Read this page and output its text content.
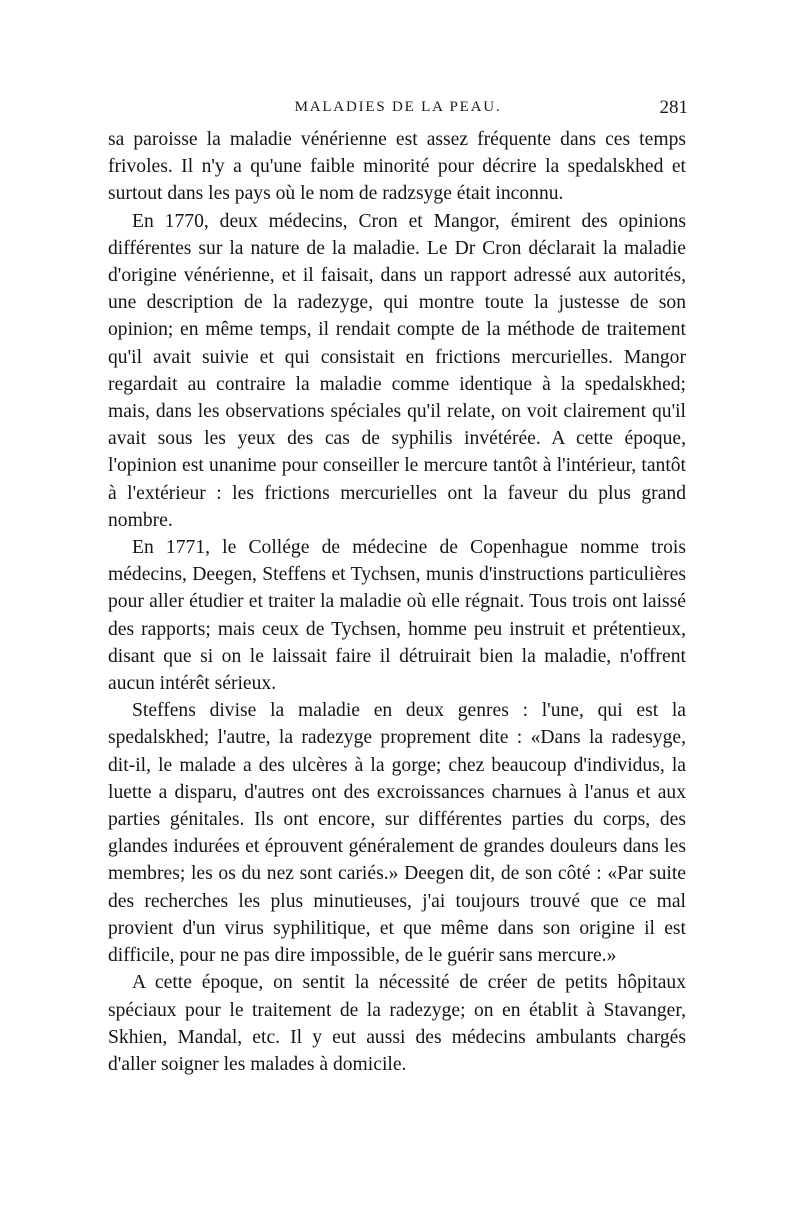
MALADIES DE LA PEAU.	281

sa paroisse la maladie vénérienne est assez fréquente dans ces temps frivoles. Il n'y a qu'une faible minorité pour décrire la spedalskhed et surtout dans les pays où le nom de radzsyge était inconnu.

En 1770, deux médecins, Cron et Mangor, émirent des opinions différentes sur la nature de la maladie. Le Dr Cron déclarait la maladie d'origine vénérienne, et il faisait, dans un rapport adressé aux autorités, une description de la radezyge, qui montre toute la justesse de son opinion; en même temps, il rendait compte de la méthode de traitement qu'il avait suivie et qui consistait en frictions mercurielles. Mangor regardait au contraire la maladie comme identique à la spedalskhed; mais, dans les observations spéciales qu'il relate, on voit clairement qu'il avait sous les yeux des cas de syphilis invétérée. A cette époque, l'opinion est unanime pour conseiller le mercure tantôt à l'intérieur, tantôt à l'extérieur : les frictions mercurielles ont la faveur du plus grand nombre.

En 1771, le Collége de médecine de Copenhague nomme trois médecins, Deegen, Steffens et Tychsen, munis d'instructions particulières pour aller étudier et traiter la maladie où elle régnait. Tous trois ont laissé des rapports; mais ceux de Tychsen, homme peu instruit et prétentieux, disant que si on le laissait faire il détruirait bien la maladie, n'offrent aucun intérêt sérieux.

Steffens divise la maladie en deux genres : l'une, qui est la spedalskhed; l'autre, la radezyge proprement dite : «Dans la radesyge, dit-il, le malade a des ulcères à la gorge; chez beaucoup d'individus, la luette a disparu, d'autres ont des excroissances charnues à l'anus et aux parties génitales. Ils ont encore, sur différentes parties du corps, des glandes indurées et éprouvent généralement de grandes douleurs dans les membres; les os du nez sont cariés.» Deegen dit, de son côté : «Par suite des recherches les plus minutieuses, j'ai toujours trouvé que ce mal provient d'un virus syphilitique, et que même dans son origine il est difficile, pour ne pas dire impossible, de le guérir sans mercure.»

A cette époque, on sentit la nécessité de créer de petits hôpitaux spéciaux pour le traitement de la radezyge; on en établit à Stavanger, Skhien, Mandal, etc. Il y eut aussi des médecins ambulants chargés d'aller soigner les malades à domicile.
